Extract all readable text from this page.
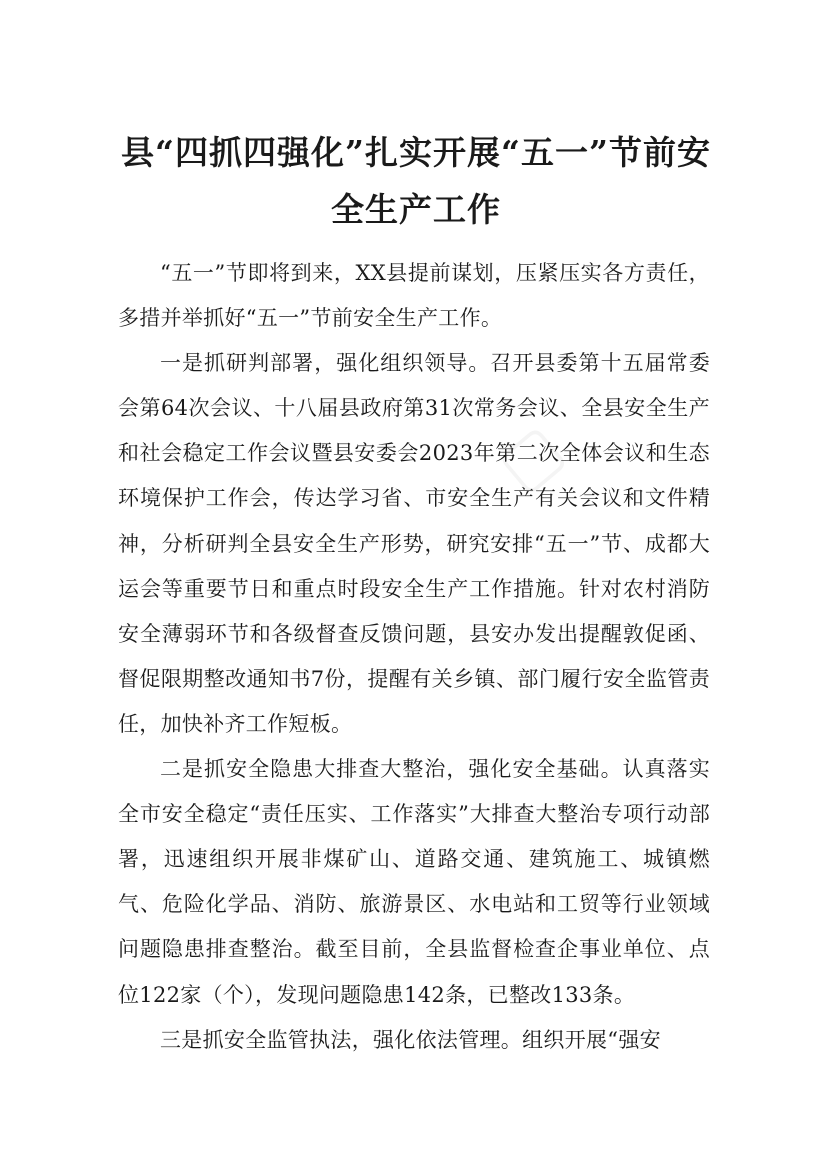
▢
县“四抓四强化”扎实开展“五一”节前安
全生产工作

“五一”节即将到来，XX县提前谋划，压紧压实各方责任，多措并举抓好“五一”节前安全生产工作。

一是抓研判部署，强化组织领导。召开县委第十五届常委会第64次会议、十八届县政府第31次常务会议、全县安全生产和社会稳定工作会议暨县安委会2023年第二次全体会议和生态环境保护工作会，传达学习省、市安全生产有关会议和文件精神，分析研判全县安全生产形势，研究安排“五一”节、成都大运会等重要节日和重点时段安全生产工作措施。针对农村消防安全薄弱环节和各级督查反馈问题，县安办发出提醒敦促函、督促限期整改通知书7份，提醒有关乡镇、部门履行安全监管责任，加快补齐工作短板。

二是抓安全隐患大排查大整治，强化安全基础。认真落实全市安全稳定“责任压实、工作落实”大排查大整治专项行动部署，迅速组织开展非煤矿山、道路交通、建筑施工、城镇燃气、危险化学品、消防、旅游景区、水电站和工贸等行业领域问题隐患排查整治。截至目前，全县监督检查企事业单位、点位122家（个），发现问题隐患142条，已整改133条。

三是抓安全监管执法，强化依法管理。组织开展“强安
